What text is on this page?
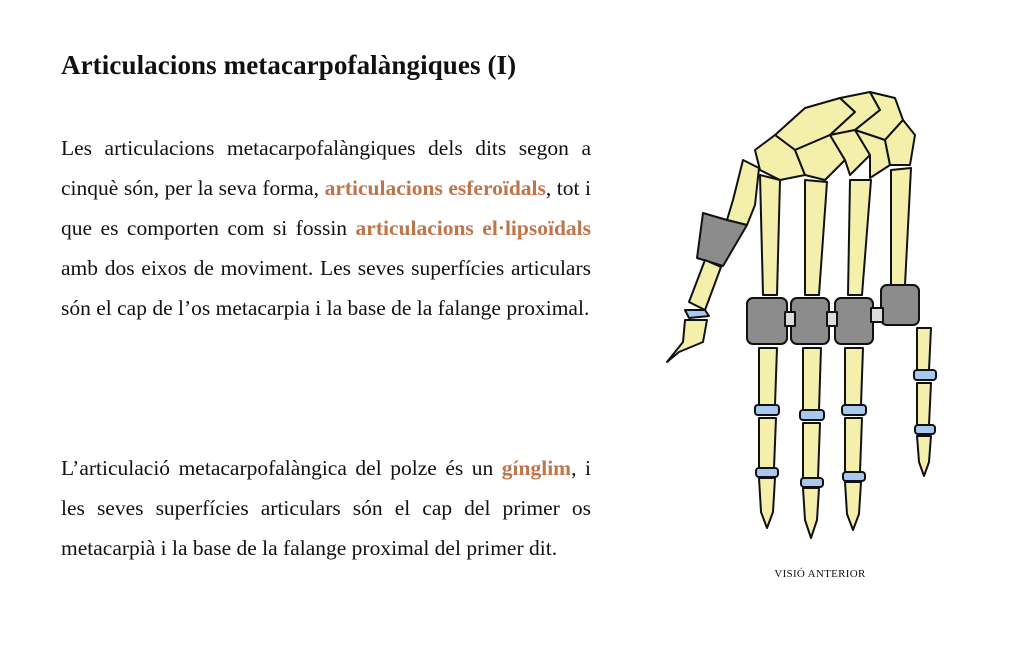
Articulacions metacarpofalàngiques (I)

Les articulacions metacarpofalàngiques dels dits segon a cinquè són, per la seva forma, articulacions esferoïdals, tot i que es comporten com si fossin articulacions el·lipsoïdals amb dos eixos de moviment. Les seves superfícies articulars són el cap de l’os metacarpia i la base de la falange proximal.

L’articulació metacarpofalàngica del polze és un gínglim, i les seves superfícies articulars són el cap del primer os metacarpià i la base de la falange proximal del primer dit.

VISIÓ ANTERIOR
